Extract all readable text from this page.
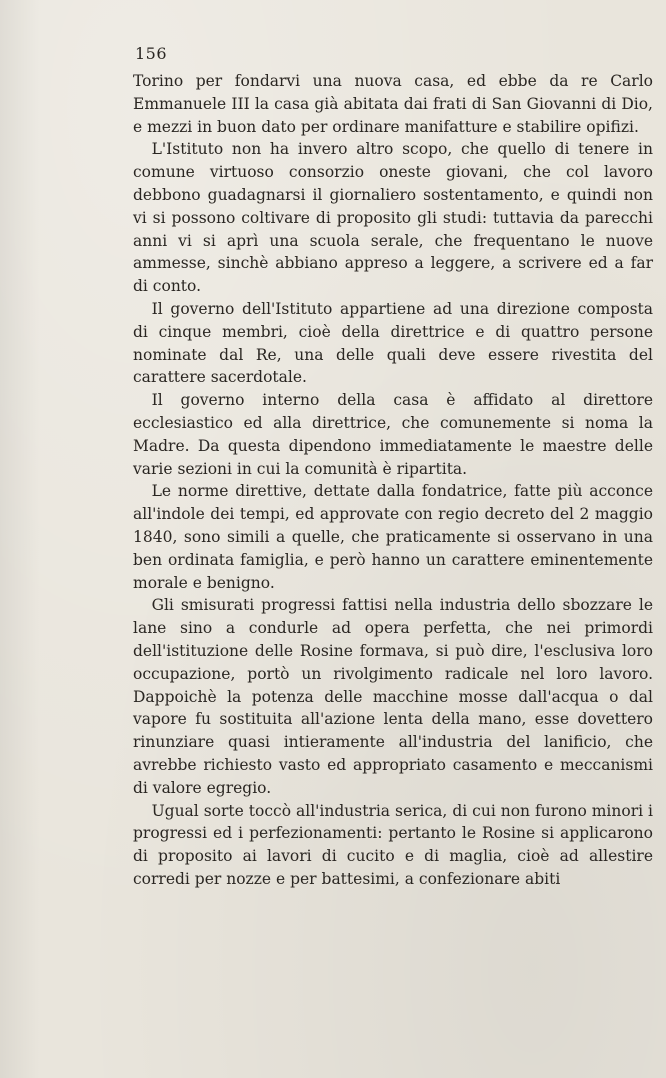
156

Torino per fondarvi una nuova casa, ed ebbe da re Carlo Emmanuele III la casa già abitata dai frati di San Giovanni di Dio, e mezzi in buon dato per ordinare manifatture e stabilire opifizi.

L'Istituto non ha invero altro scopo, che quello di tenere in comune virtuoso consorzio oneste giovani, che col lavoro debbono guadagnarsi il giornaliero sostentamento, e quindi non vi si possono coltivare di proposito gli studi: tuttavia da parecchi anni vi si aprì una scuola serale, che frequentano le nuove ammesse, sinchè abbiano appreso a leggere, a scrivere ed a far di conto.

Il governo dell'Istituto appartiene ad una direzione composta di cinque membri, cioè della direttrice e di quattro persone nominate dal Re, una delle quali deve essere rivestita del carattere sacerdotale.

Il governo interno della casa è affidato al direttore ecclesiastico ed alla direttrice, che comunemente si noma la Madre. Da questa dipendono immediatamente le maestre delle varie sezioni in cui la comunità è ripartita.

Le norme direttive, dettate dalla fondatrice, fatte più acconce all'indole dei tempi, ed approvate con regio decreto del 2 maggio 1840, sono simili a quelle, che praticamente si osservano in una ben ordinata famiglia, e però hanno un carattere eminentemente morale e benigno.

Gli smisurati progressi fattisi nella industria dello sbozzare le lane sino a condurle ad opera perfetta, che nei primordi dell'istituzione delle Rosine formava, si può dire, l'esclusiva loro occupazione, portò un rivolgimento radicale nel loro lavoro. Dappoichè la potenza delle macchine mosse dall'acqua o dal vapore fu sostituita all'azione lenta della mano, esse dovettero rinunziare quasi intieramente all'industria del lanificio, che avrebbe richiesto vasto ed appropriato casamento e meccanismi di valore egregio.

Ugual sorte toccò all'industria serica, di cui non furono minori i progressi ed i perfezionamenti: pertanto le Rosine si applicarono di proposito ai lavori di cucito e di maglia, cioè ad allestire corredi per nozze e per battesimi, a confezionare abiti
